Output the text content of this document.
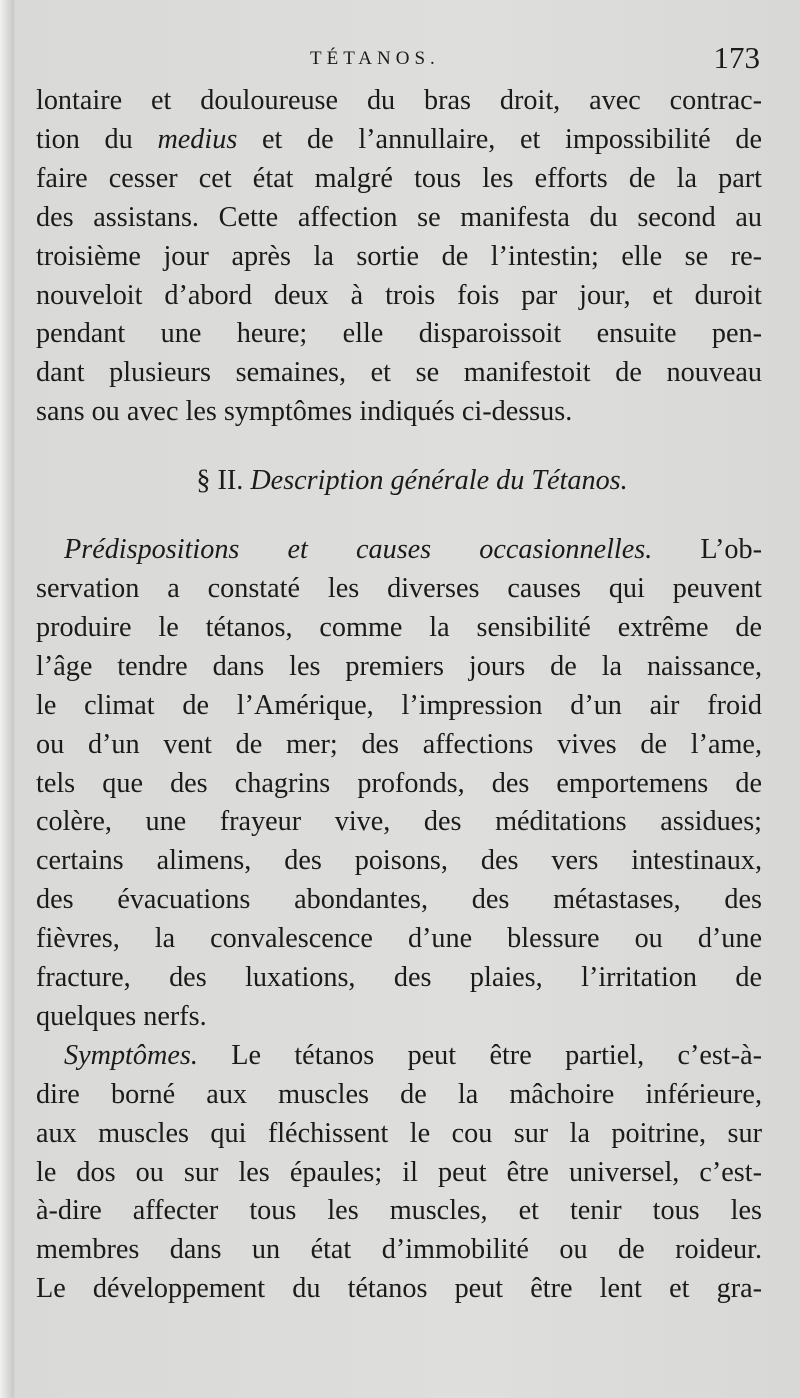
TÉTANOS.	173
lontaire et douloureuse du bras droit, avec contrac-
tion du medius et de l’annullaire, et impossibilité de
faire cesser cet état malgré tous les efforts de la part
des assistans. Cette affection se manifesta du second au
troisième jour après la sortie de l’intestin; elle se re-
nouveloit d’abord deux à trois fois par jour, et duroit
pendant une heure; elle disparoissoit ensuite pen-
dant plusieurs semaines, et se manifestoit de nouveau
sans ou avec les symptômes indiqués ci-dessus.
§ II. Description générale du Tétanos.
Prédispositions et causes occasionnelles. L’ob-
servation a constaté les diverses causes qui peuvent
produire le tétanos, comme la sensibilité extrême de
l’âge tendre dans les premiers jours de la naissance,
le climat de l’Amérique, l’impression d’un air froid
ou d’un vent de mer; des affections vives de l’ame,
tels que des chagrins profonds, des emportemens de
colère, une frayeur vive, des méditations assidues;
certains alimens, des poisons, des vers intestinaux,
des évacuations abondantes, des métastases, des
fièvres, la convalescence d’une blessure ou d’une
fracture, des luxations, des plaies, l’irritation de
quelques nerfs.
Symptômes. Le tétanos peut être partiel, c’est-à-
dire borné aux muscles de la mâchoire inférieure,
aux muscles qui fléchissent le cou sur la poitrine, sur
le dos ou sur les épaules; il peut être universel, c’est-
à-dire affecter tous les muscles, et tenir tous les
membres dans un état d’immobilité ou de roideur.
Le développement du tétanos peut être lent et gra-
